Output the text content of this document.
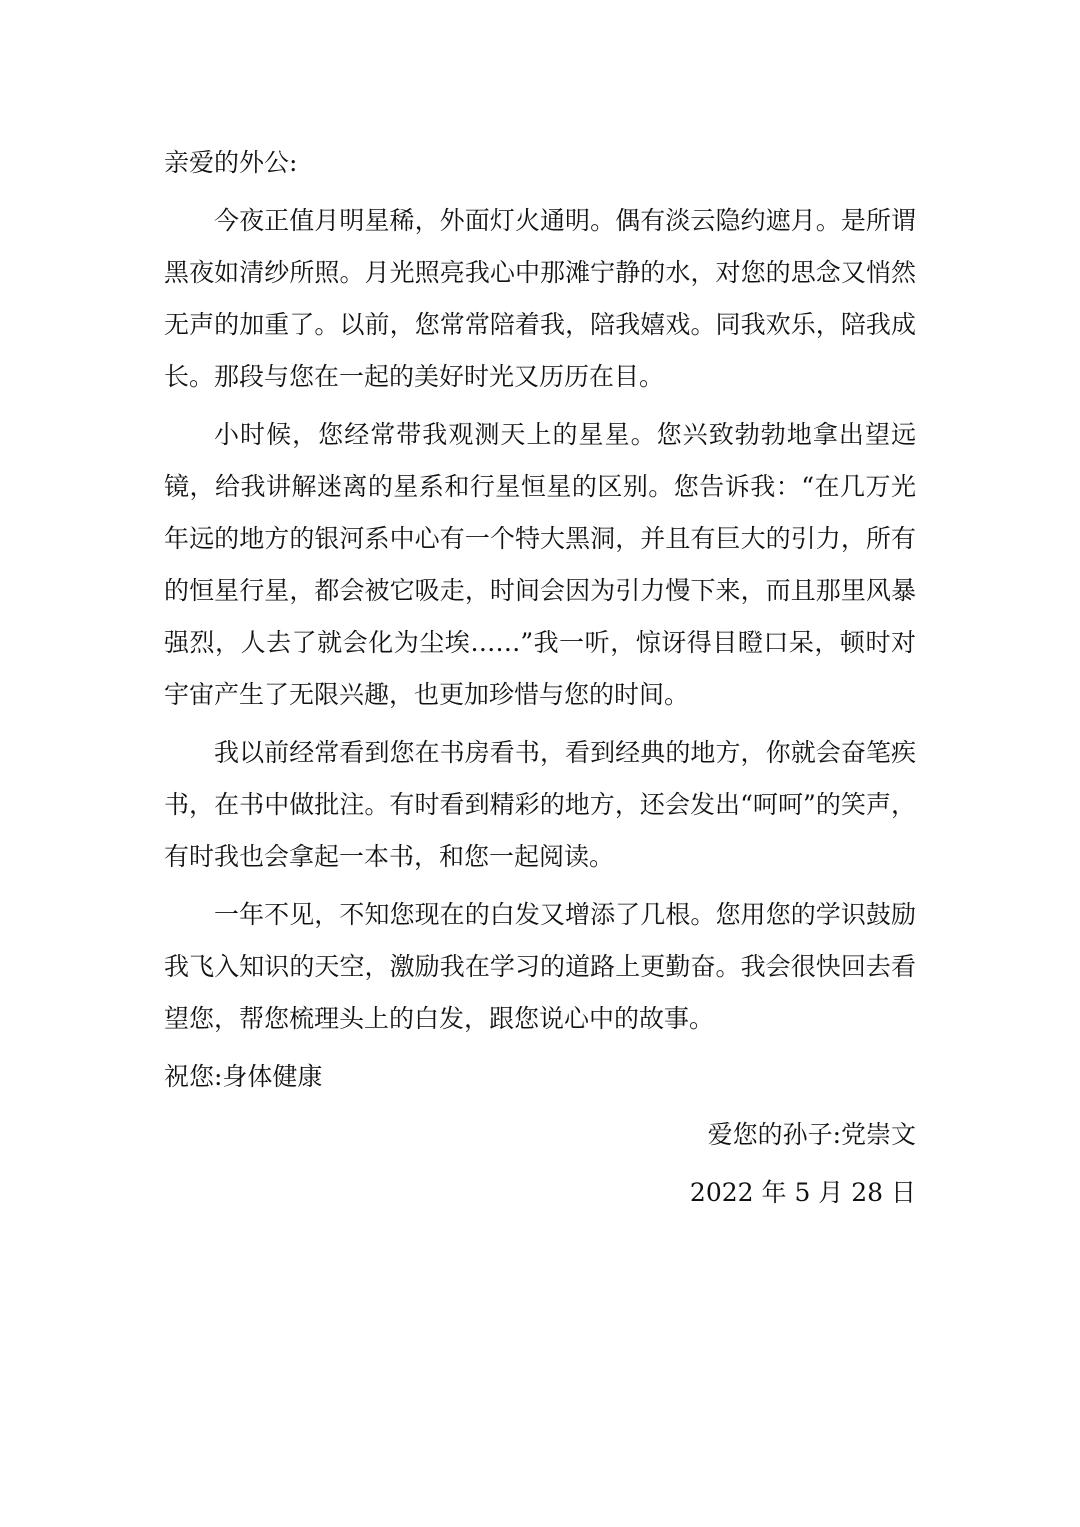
亲爱的外公:

今夜正值月明星稀，外面灯火通明。偶有淡云隐约遮月。是所谓黑夜如清纱所照。月光照亮我心中那滩宁静的水，对您的思念又悄然无声的加重了。以前，您常常陪着我，陪我嬉戏。同我欢乐，陪我成长。那段与您在一起的美好时光又历历在目。

小时候，您经常带我观测天上的星星。您兴致勃勃地拿出望远镜，给我讲解迷离的星系和行星恒星的区别。您告诉我：“在几万光年远的地方的银河系中心有一个特大黑洞，并且有巨大的引力，所有的恒星行星，都会被它吸走，时间会因为引力慢下来，而且那里风暴强烈，人去了就会化为尘埃……”我一听，惊讶得目瞪口呆，顿时对宇宙产生了无限兴趣，也更加珍惜与您的时间。

我以前经常看到您在书房看书，看到经典的地方，你就会奋笔疾书，在书中做批注。有时看到精彩的地方，还会发出“呵呵”的笑声，有时我也会拿起一本书，和您一起阅读。

一年不见，不知您现在的白发又增添了几根。您用您的学识鼓励我飞入知识的天空，激励我在学习的道路上更勤奋。我会很快回去看望您，帮您梳理头上的白发，跟您说心中的故事。

祝您:身体健康

爱您的孙子:党崇文

2022 年 5 月 28 日
